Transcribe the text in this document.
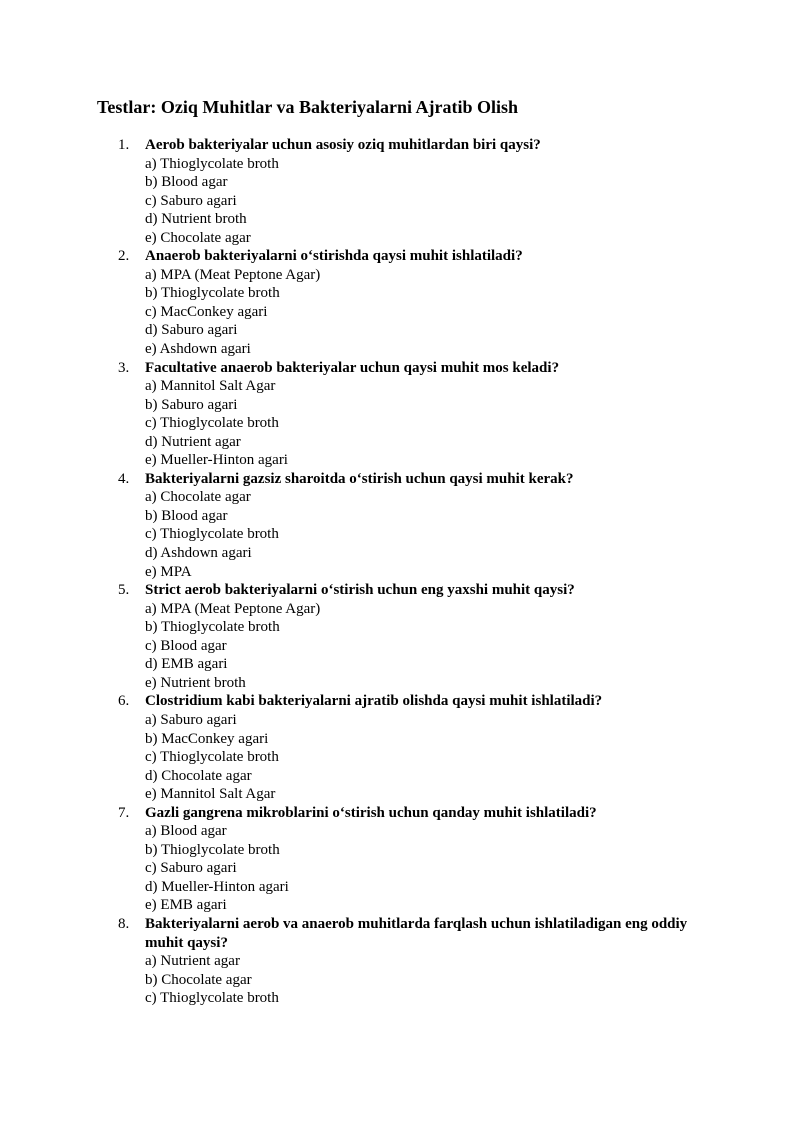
Testlar: Oziq Muhitlar va Bakteriyalarni Ajratib Olish
1. Aerob bakteriyalar uchun asosiy oziq muhitlardan biri qaysi?
a) Thioglycolate broth
b) Blood agar
c) Saburo agari
d) Nutrient broth
e) Chocolate agar
2. Anaerob bakteriyalarni o‘stirishda qaysi muhit ishlatiladi?
a) MPA (Meat Peptone Agar)
b) Thioglycolate broth
c) MacConkey agari
d) Saburo agari
e) Ashdown agari
3. Facultative anaerob bakteriyalar uchun qaysi muhit mos keladi?
a) Mannitol Salt Agar
b) Saburo agari
c) Thioglycolate broth
d) Nutrient agar
e) Mueller-Hinton agari
4. Bakteriyalarni gazsiz sharoitda o‘stirish uchun qaysi muhit kerak?
a) Chocolate agar
b) Blood agar
c) Thioglycolate broth
d) Ashdown agari
e) MPA
5. Strict aerob bakteriyalarni o‘stirish uchun eng yaxshi muhit qaysi?
a) MPA (Meat Peptone Agar)
b) Thioglycolate broth
c) Blood agar
d) EMB agari
e) Nutrient broth
6. Clostridium kabi bakteriyalarni ajratib olishda qaysi muhit ishlatiladi?
a) Saburo agari
b) MacConkey agari
c) Thioglycolate broth
d) Chocolate agar
e) Mannitol Salt Agar
7. Gazli gangrena mikroblarini o‘stirish uchun qanday muhit ishlatiladi?
a) Blood agar
b) Thioglycolate broth
c) Saburo agari
d) Mueller-Hinton agari
e) EMB agari
8. Bakteriyalarni aerob va anaerob muhitlarda farqlash uchun ishlatiladigan eng oddiy muhit qaysi?
a) Nutrient agar
b) Chocolate agar
c) Thioglycolate broth
